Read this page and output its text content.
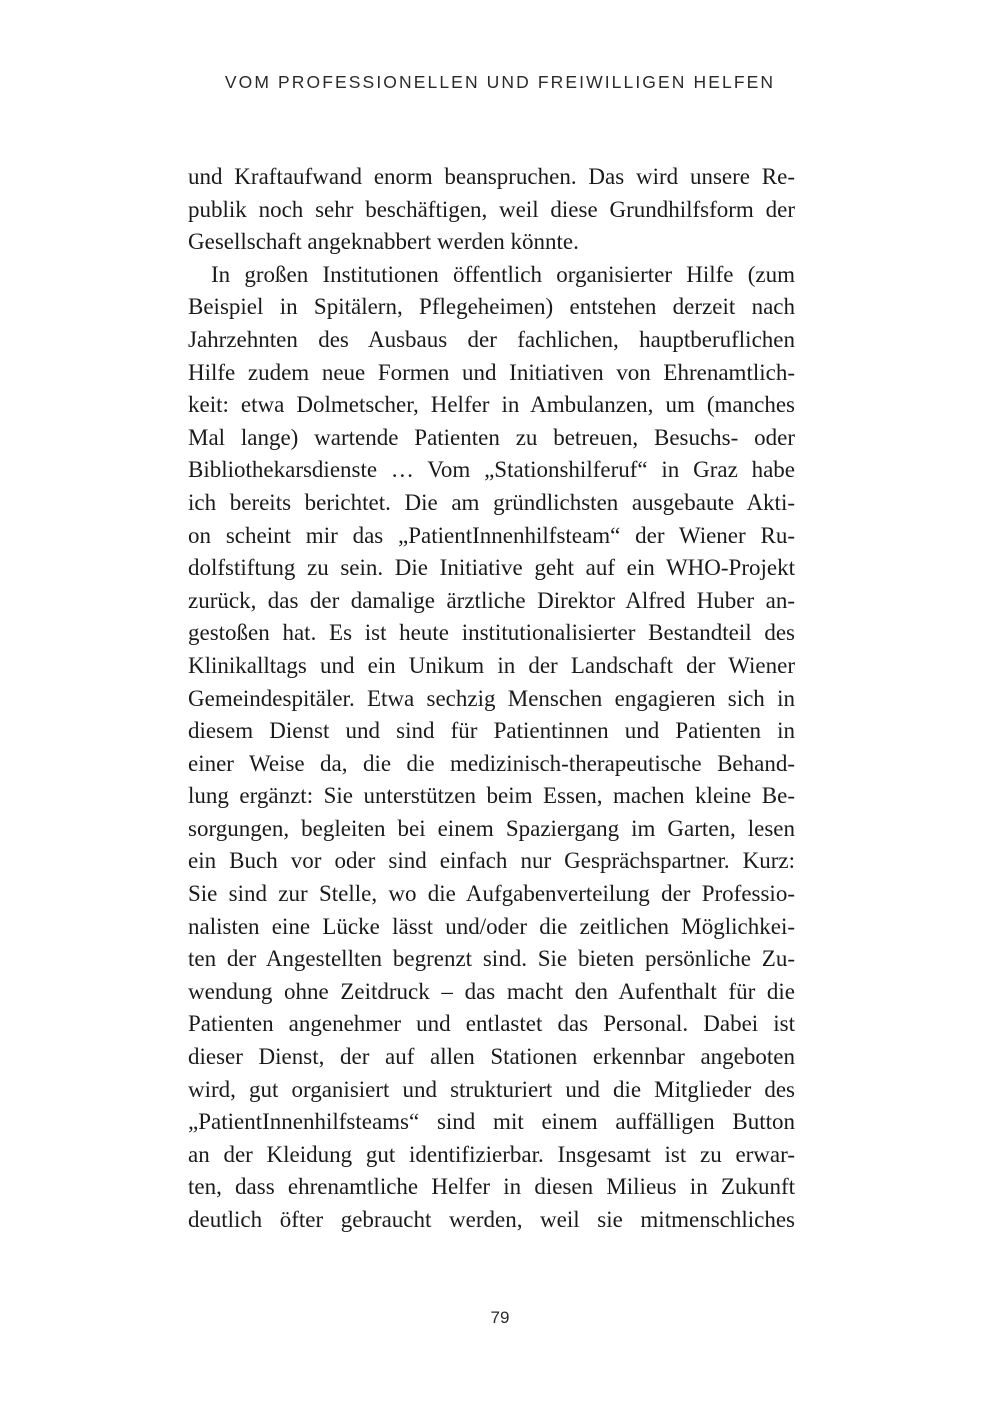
VOM PROFESSIONELLEN UND FREIWILLIGEN HELFEN
und Kraftaufwand enorm beanspruchen. Das wird unsere Re-
publik noch sehr beschäftigen, weil diese Grundhilfsform der
Gesellschaft angeknabbert werden könnte.
In großen Institutionen öffentlich organisierter Hilfe (zum
Beispiel in Spitälern, Pflegeheimen) entstehen derzeit nach
Jahrzehnten des Ausbaus der fachlichen, hauptberuflichen
Hilfe zudem neue Formen und Initiativen von Ehrenamtlich-
keit: etwa Dolmetscher, Helfer in Ambulanzen, um (manches
Mal lange) wartende Patienten zu betreuen, Besuchs- oder
Bibliothekarsdienste … Vom „Stationshilferuf“ in Graz habe
ich bereits berichtet. Die am gründlichsten ausgebaute Akti-
on scheint mir das „PatientInnenhilfsteam“ der Wiener Ru-
dolfstiftung zu sein. Die Initiative geht auf ein WHO-Projekt
zurück, das der damalige ärztliche Direktor Alfred Huber an-
gestoßen hat. Es ist heute institutionalisierter Bestandteil des
Klinikalltags und ein Unikum in der Landschaft der Wiener
Gemeindespitäler. Etwa sechzig Menschen engagieren sich in
diesem Dienst und sind für Patientinnen und Patienten in
einer Weise da, die die medizinisch-therapeutische Behand-
lung ergänzt: Sie unterstützen beim Essen, machen kleine Be-
sorgungen, begleiten bei einem Spaziergang im Garten, lesen
ein Buch vor oder sind einfach nur Gesprächspartner. Kurz:
Sie sind zur Stelle, wo die Aufgabenverteilung der Professio-
nalisten eine Lücke lässt und/oder die zeitlichen Möglichkei-
ten der Angestellten begrenzt sind. Sie bieten persönliche Zu-
wendung ohne Zeitdruck – das macht den Aufenthalt für die
Patienten angenehmer und entlastet das Personal. Dabei ist
dieser Dienst, der auf allen Stationen erkennbar angeboten
wird, gut organisiert und strukturiert und die Mitglieder des
„PatientInnenhilfsteams“ sind mit einem auffälligen Button
an der Kleidung gut identifizierbar. Insgesamt ist zu erwar-
ten, dass ehrenamtliche Helfer in diesen Milieus in Zukunft
deutlich öfter gebraucht werden, weil sie mitmenschliches
79
